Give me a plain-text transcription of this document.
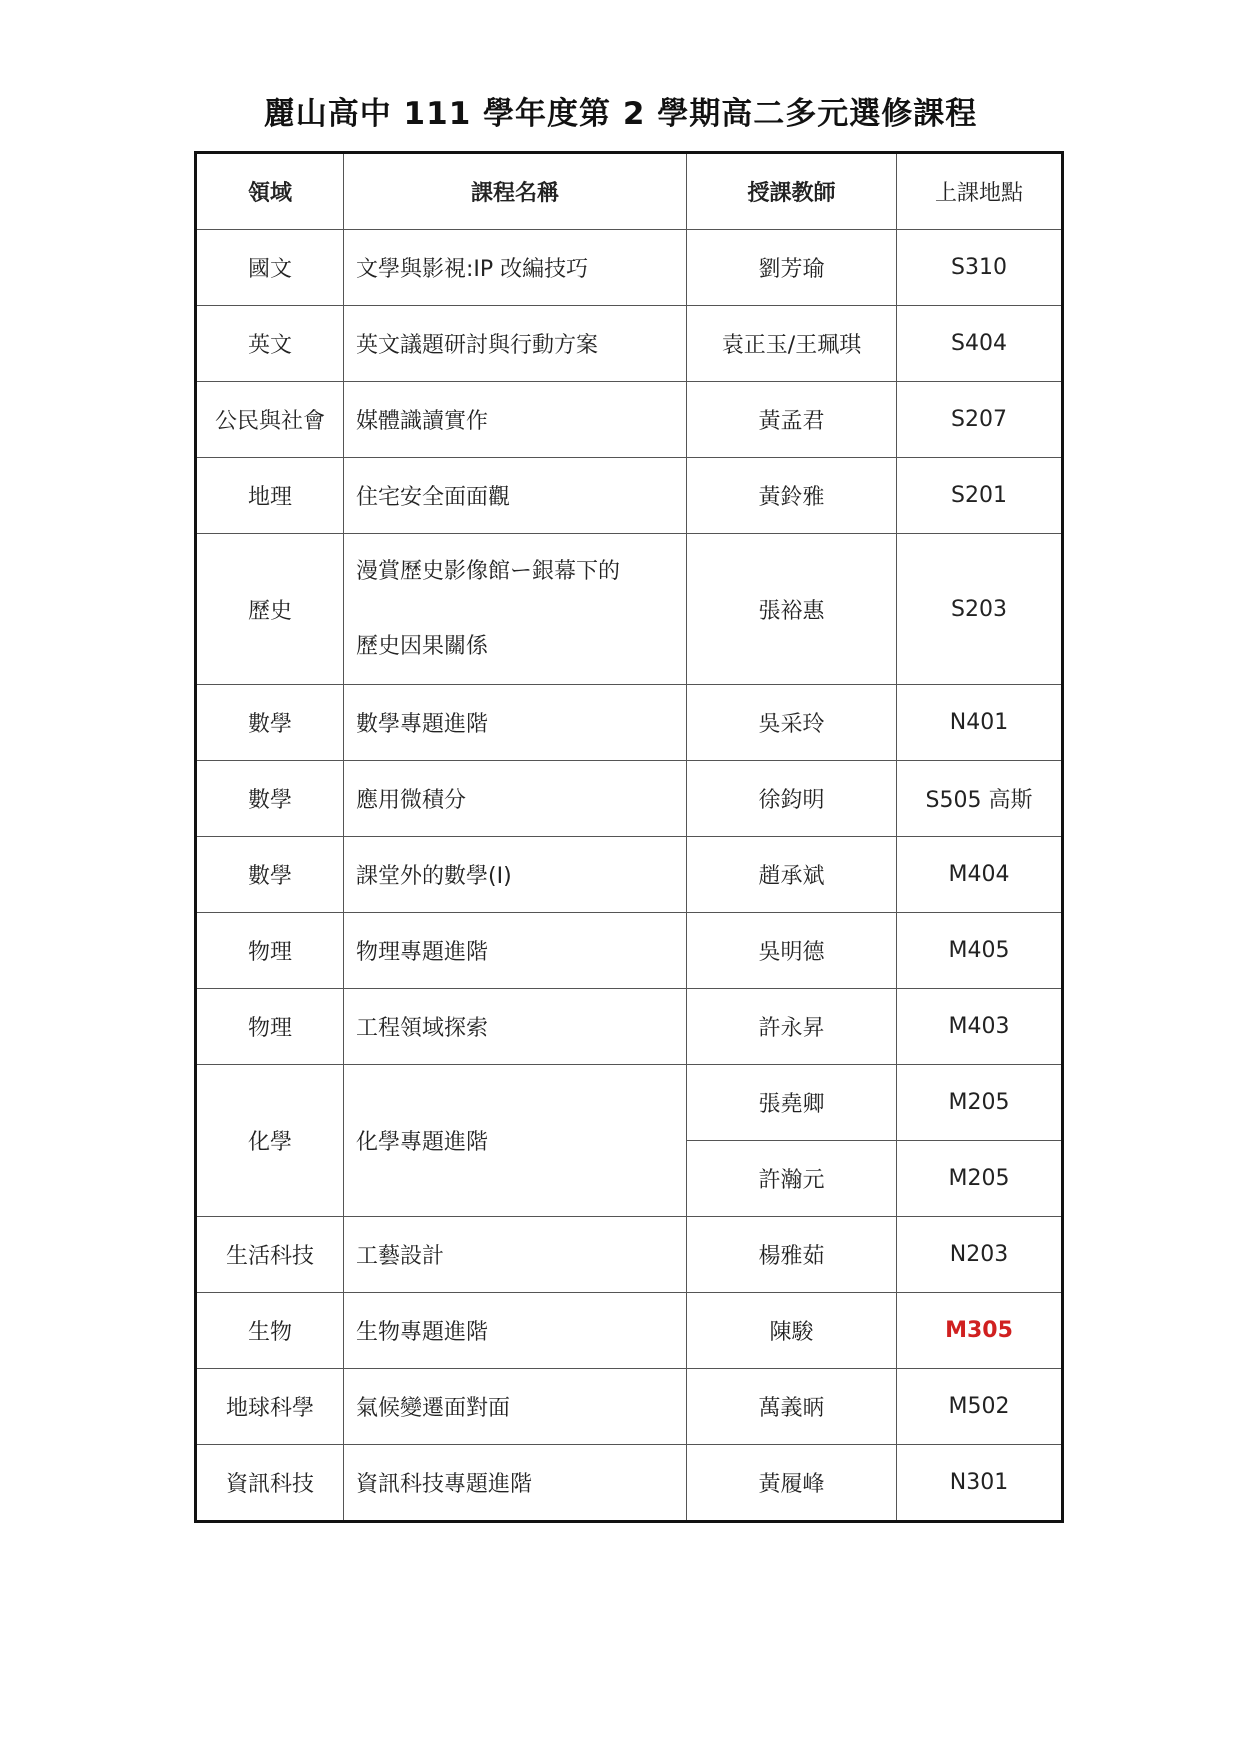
麗山高中 111 學年度第 2 學期高二多元選修課程
領域	課程名稱	授課教師	上課地點
國文	文學與影視:IP 改編技巧	劉芳瑜	S310
英文	英文議題研討與行動方案	袁正玉/王珮琪	S404
公民與社會	媒體識讀實作	黃孟君	S207
地理	住宅安全面面觀	黃鈴雅	S201
歷史	漫賞歷史影像館ー銀幕下的
歷史因果關係	張裕惠	S203
數學	數學專題進階	吳采玲	N401
數學	應用微積分	徐鈞明	S505 高斯
數學	課堂外的數學(I)	趙承斌	M404
物理	物理專題進階	吳明德	M405
物理	工程領域探索	許永昇	M403
化學	化學專題進階	張堯卿	M205
		許瀚元	M205
生活科技	工藝設計	楊雅茹	N203
生物	生物專題進階	陳駿	M305
地球科學	氣候變遷面對面	萬義昞	M502
資訊科技	資訊科技專題進階	黃履峰	N301
